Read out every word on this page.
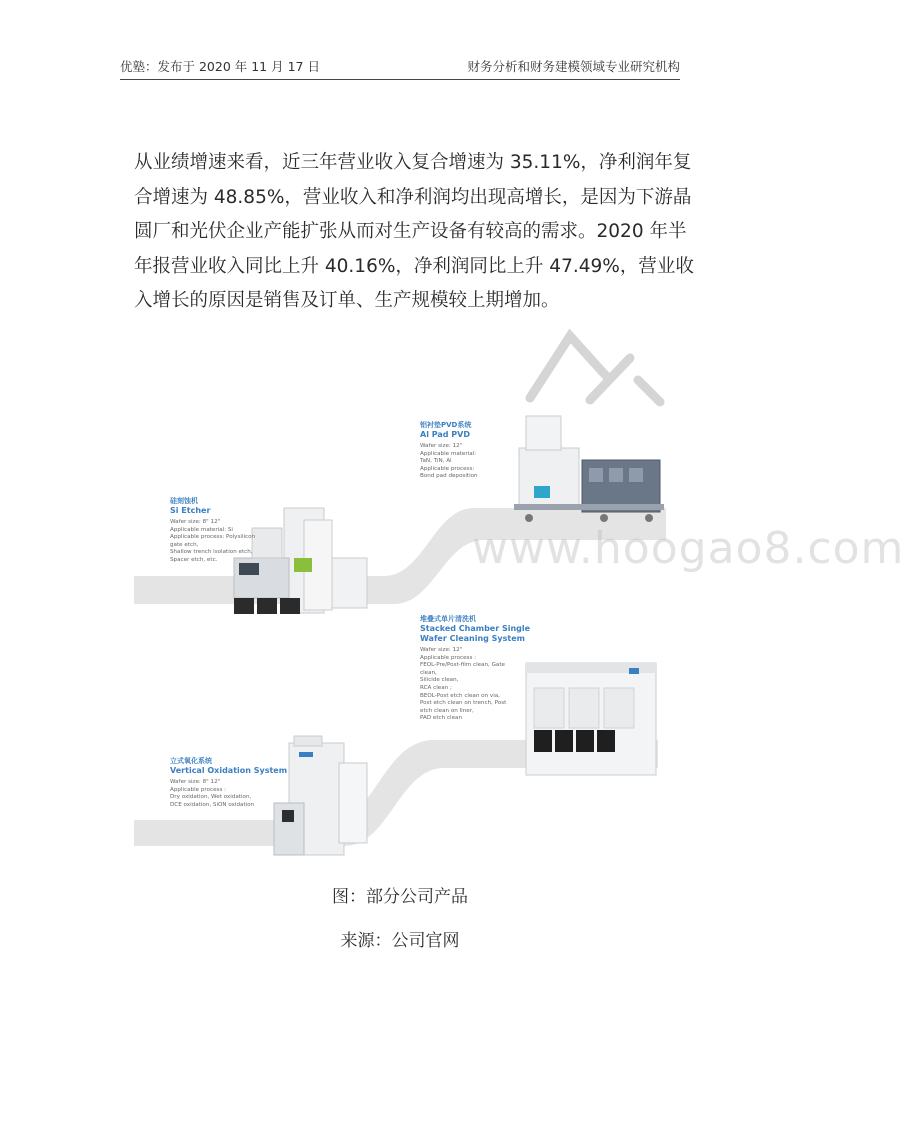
优塾：发布于 2020 年 11 月 17 日	财务分析和财务建模领域专业研究机构
从业绩增速来看，近三年营业收入复合增速为 35.11%，净利润年复
合增速为 48.85%，营业收入和净利润均出现高增长，是因为下游晶
圆厂和光伏企业产能扩张从而对生产设备有较高的需求。2020 年半
年报营业收入同比上升 40.16%，净利润同比上升 47.49%，营业收
入增长的原因是销售及订单、生产规模较上期增加。
铝衬垫PVD系统
Al Pad PVD
Wafer size: 12"
Applicable material:
TaN, TiN, Al
Applicable process:
Bond pad deposition
硅刻蚀机
Si Etcher
Wafer size: 8" 12"
Applicable material: Si
Applicable process: Polysilicon
gate etch,
Shallow trench isolation etch,
Spacer etch, etc.
堆叠式单片清洗机
Stacked Chamber Single
Wafer Cleaning System
Wafer size: 12"
Applicable process :
FEOL-Pre/Post-film clean, Gate
clean,
Silicide clean,
RCA clean ;
BEOL-Post etch clean on via,
Post etch clean on trench, Post
etch clean on liner,
PAD etch clean
立式氧化系统
Vertical Oxidation System
Wafer size: 8" 12"
Applicable process :
Dry oxidation, Wet oxidation,
DCE oxidation, SiON oxidation
www.hoogao8.com
图：部分公司产品
来源：公司官网
